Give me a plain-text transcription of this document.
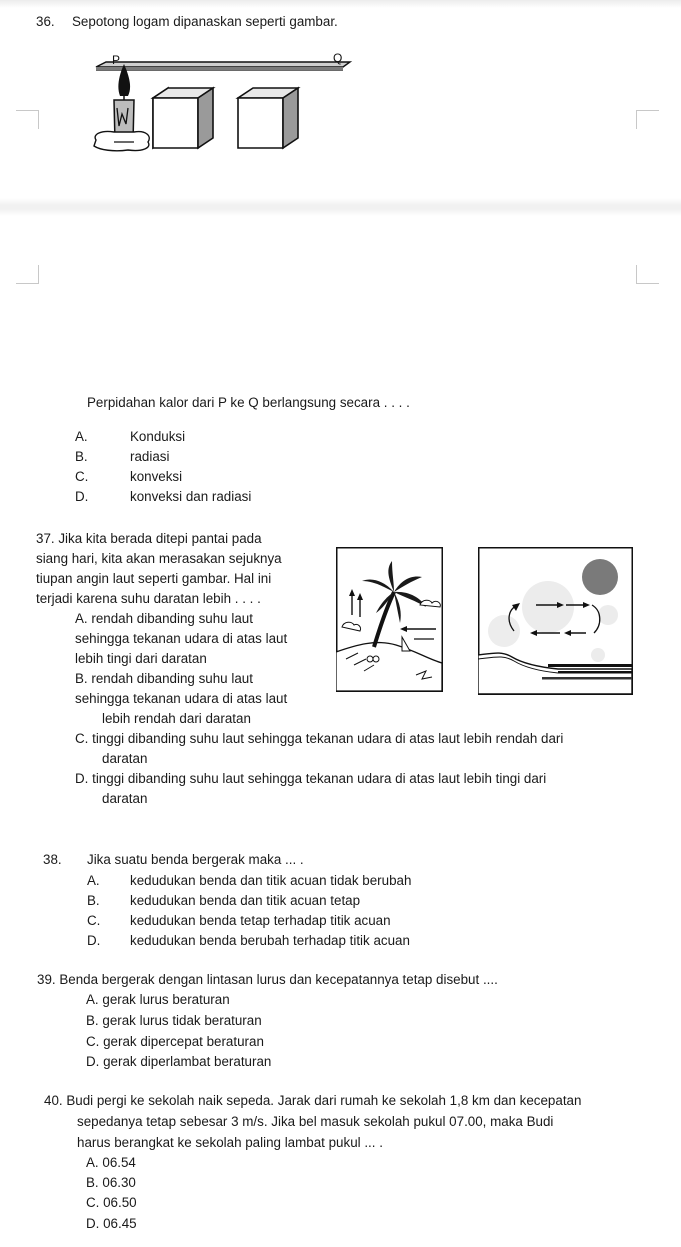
36. Sepotong logam dipanaskan seperti gambar.
P	Q
Perpidahan kalor dari P ke Q berlangsung secara . . . .
A.	Konduksi
B.	radiasi
C.	konveksi
D.	konveksi dan radiasi
37. Jika kita berada ditepi pantai pada
siang hari, kita akan merasakan sejuknya
tiupan angin laut seperti gambar. Hal ini
terjadi karena suhu daratan lebih . . . .
A. rendah dibanding suhu laut
sehingga tekanan udara di atas laut
lebih tingi dari daratan
B. rendah dibanding suhu laut
sehingga tekanan udara di atas laut
lebih rendah dari daratan
C. tinggi dibanding suhu laut sehingga tekanan udara di atas laut lebih rendah dari
daratan
D. tinggi dibanding suhu laut sehingga tekanan udara di atas laut lebih tingi dari
daratan
38. Jika suatu benda bergerak maka ... .
A. kedudukan benda dan titik acuan tidak berubah
B. kedudukan benda dan titik acuan tetap
C. kedudukan benda tetap terhadap titik acuan
D. kedudukan benda berubah terhadap titik acuan
39. Benda bergerak dengan lintasan lurus dan kecepatannya tetap disebut ....
A. gerak lurus beraturan
B. gerak lurus tidak beraturan
C. gerak dipercepat beraturan
D. gerak diperlambat beraturan
40. Budi pergi ke sekolah naik sepeda. Jarak dari rumah ke sekolah 1,8 km dan kecepatan
sepedanya tetap sebesar 3 m/s. Jika bel masuk sekolah pukul 07.00, maka Budi
harus berangkat ke sekolah paling lambat pukul ... .
A. 06.54
B. 06.30
C. 06.50
D. 06.45
